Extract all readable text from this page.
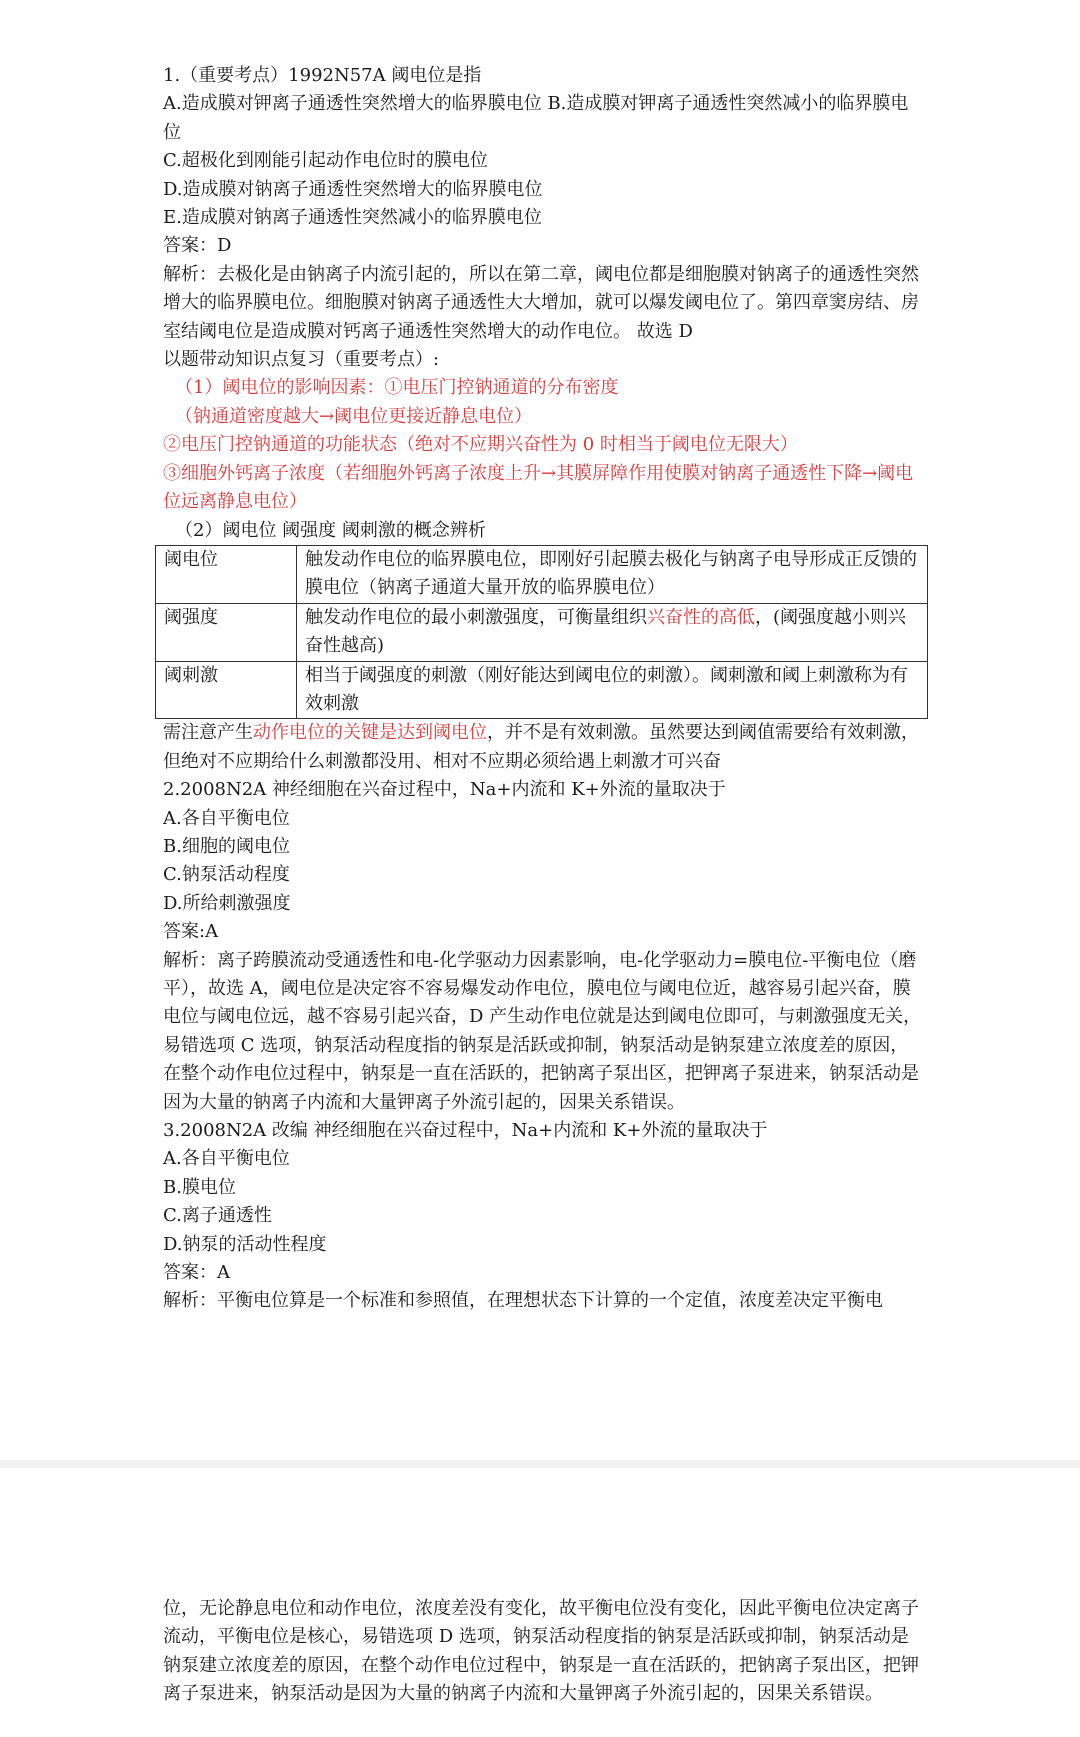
1.（重要考点）1992N57A 阈电位是指
A.造成膜对钾离子通透性突然增大的临界膜电位 B.造成膜对钾离子通透性突然减小的临界膜电位
C.超极化到刚能引起动作电位时的膜电位
D.造成膜对钠离子通透性突然增大的临界膜电位
E.造成膜对钠离子通透性突然减小的临界膜电位
答案：D
解析：去极化是由钠离子内流引起的，所以在第二章，阈电位都是细胞膜对钠离子的通透性突然增大的临界膜电位。细胞膜对钠离子通透性大大增加，就可以爆发阈电位了。第四章窦房结、房室结阈电位是造成膜对钙离子通透性突然增大的动作电位。 故选 D
以题带动知识点复习（重要考点）:
（1）阈电位的影响因素：①电压门控钠通道的分布密度
（钠通道密度越大→阈电位更接近静息电位）
②电压门控钠通道的功能状态（绝对不应期兴奋性为 0 时相当于阈电位无限大）
③细胞外钙离子浓度（若细胞外钙离子浓度上升→其膜屏障作用使膜对钠离子通透性下降→阈电位远离静息电位）
（2）阈电位 阈强度 阈刺激的概念辨析
阈电位	触发动作电位的临界膜电位，即刚好引起膜去极化与钠离子电导形成正反馈的膜电位（钠离子通道大量开放的临界膜电位）
阈强度	触发动作电位的最小刺激强度，可衡量组织兴奋性的高低，(阈强度越小则兴奋性越高)
阈刺激	相当于阈强度的刺激（刚好能达到阈电位的刺激）。阈刺激和阈上刺激称为有效刺激
需注意产生动作电位的关键是达到阈电位，并不是有效刺激。虽然要达到阈值需要给有效刺激，但绝对不应期给什么刺激都没用、相对不应期必须给遇上刺激才可兴奋
2.2008N2A 神经细胞在兴奋过程中，Na+内流和 K+外流的量取决于
A.各自平衡电位
B.细胞的阈电位
C.钠泵活动程度
D.所给刺激强度
答案:A
解析：离子跨膜流动受通透性和电-化学驱动力因素影响，电-化学驱动力=膜电位-平衡电位（磨平），故选 A，阈电位是决定容不容易爆发动作电位，膜电位与阈电位近，越容易引起兴奋，膜电位与阈电位远，越不容易引起兴奋，D 产生动作电位就是达到阈电位即可，与刺激强度无关，易错选项 C 选项，钠泵活动程度指的钠泵是活跃或抑制，钠泵活动是钠泵建立浓度差的原因，在整个动作电位过程中，钠泵是一直在活跃的，把钠离子泵出区，把钾离子泵进来，钠泵活动是因为大量的钠离子内流和大量钾离子外流引起的，因果关系错误。
3.2008N2A 改编 神经细胞在兴奋过程中，Na+内流和 K+外流的量取决于
A.各自平衡电位
B.膜电位
C.离子通透性
D.钠泵的活动性程度
答案：A
解析：平衡电位算是一个标准和参照值，在理想状态下计算的一个定值，浓度差决定平衡电
位，无论静息电位和动作电位，浓度差没有变化，故平衡电位没有变化，因此平衡电位决定离子流动，平衡电位是核心，易错选项 D 选项，钠泵活动程度指的钠泵是活跃或抑制，钠泵活动是钠泵建立浓度差的原因，在整个动作电位过程中，钠泵是一直在活跃的，把钠离子泵出区，把钾离子泵进来，钠泵活动是因为大量的钠离子内流和大量钾离子外流引起的，因果关系错误。
